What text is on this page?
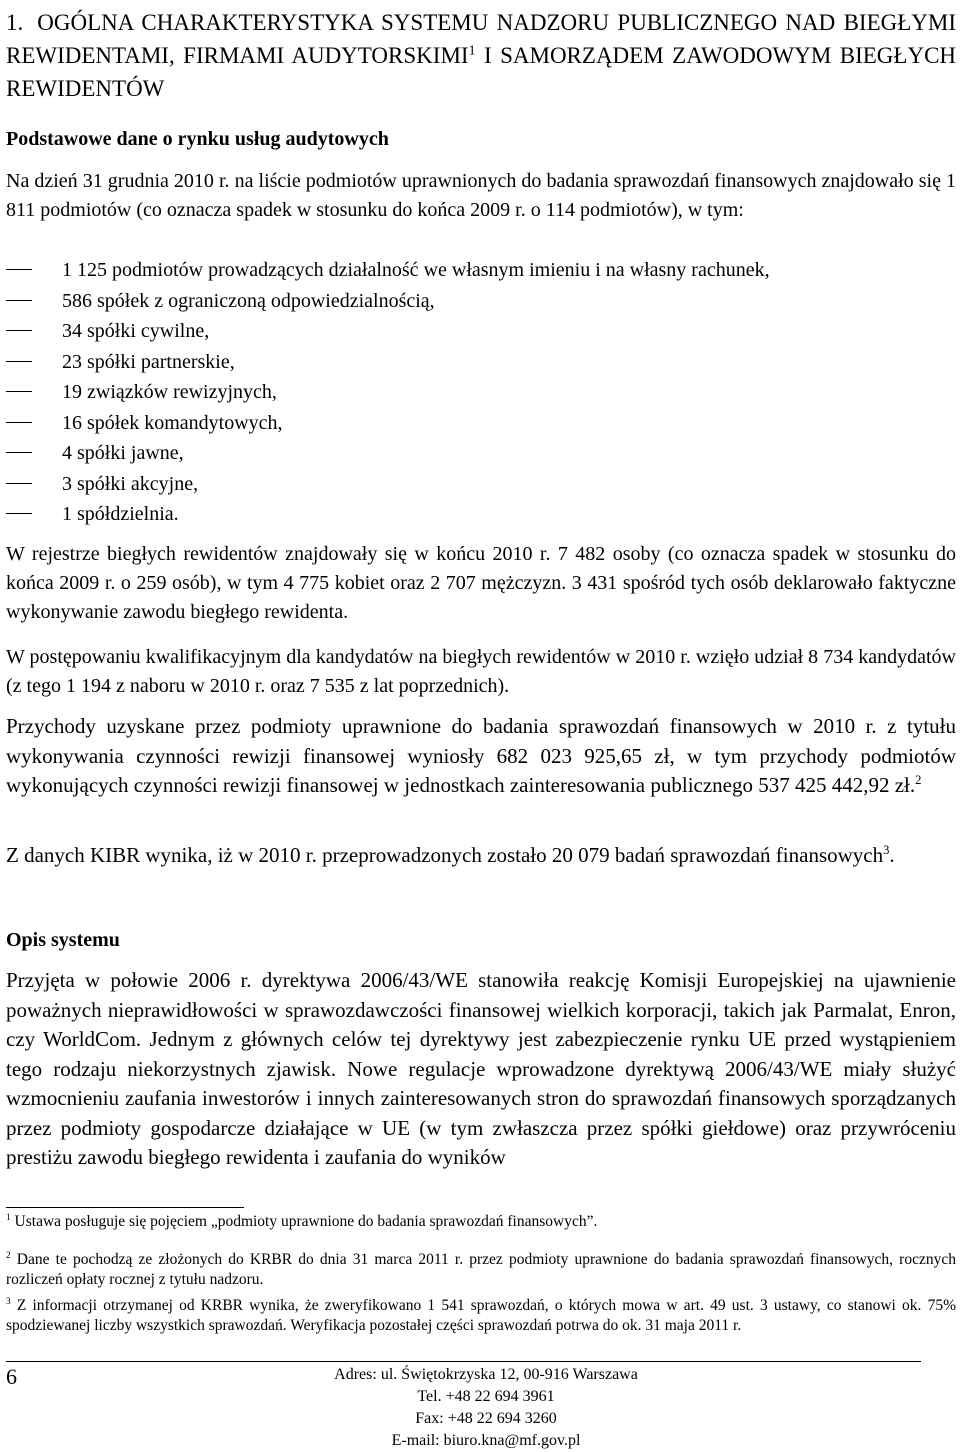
1. OGÓLNA CHARAKTERYSTYKA SYSTEMU NADZORU PUBLICZNEGO NAD BIEGŁYMI REWIDENTAMI, FIRMAMI AUDYTORSKIMI$^1$ I SAMORZĄDEM ZAWODOWYM BIEGŁYCH REWIDENTÓW

Podstawowe dane o rynku usług audytowych

Na dzień 31 grudnia 2010 r. na liście podmiotów uprawnionych do badania sprawozdań finansowych znajdowało się 1 811 podmiotów (co oznacza spadek w stosunku do końca 2009 r. o 114 podmiotów), w tym:

1 125 podmiotów prowadzących działalność we własnym imieniu i na własny rachunek,
586 spółek z ograniczoną odpowiedzialnością,
34 spółki cywilne,
23 spółki partnerskie,
19 związków rewizyjnych,
16 spółek komandytowych,
4 spółki jawne,
3 spółki akcyjne,
1 spółdzielnia.

W rejestrze biegłych rewidentów znajdowały się w końcu 2010 r. 7 482 osoby (co oznacza spadek w stosunku do końca 2009 r. o 259 osób), w tym 4 775 kobiet oraz 2 707 mężczyzn. 3 431 spośród tych osób deklarowało faktyczne wykonywanie zawodu biegłego rewidenta.

W postępowaniu kwalifikacyjnym dla kandydatów na biegłych rewidentów w 2010 r. wzięło udział 8 734 kandydatów (z tego 1 194 z naboru w 2010 r. oraz 7 535 z lat poprzednich).

Przychody uzyskane przez podmioty uprawnione do badania sprawozdań finansowych w 2010 r. z tytułu wykonywania czynności rewizji finansowej wyniosły 682 023 925,65 zł, w tym przychody podmiotów wykonujących czynności rewizji finansowej w jednostkach zainteresowania publicznego 537 425 442,92 zł.$^2$

Z danych KIBR wynika, iż w 2010 r. przeprowadzonych zostało 20 079 badań sprawozdań finansowych$^3$.

Opis systemu

Przyjęta w połowie 2006 r. dyrektywa 2006/43/WE stanowiła reakcję Komisji Europejskiej na ujawnienie poważnych nieprawidłowości w sprawozdawczości finansowej wielkich korporacji, takich jak Parmalat, Enron, czy WorldCom. Jednym z głównych celów tej dyrektywy jest zabezpieczenie rynku UE przed wystąpieniem tego rodzaju niekorzystnych zjawisk. Nowe regulacje wprowadzone dyrektywą 2006/43/WE miały służyć wzmocnieniu zaufania inwestorów i innych zainteresowanych stron do sprawozdań finansowych sporządzanych przez podmioty gospodarcze działające w UE (w tym zwłaszcza przez spółki giełdowe) oraz przywróceniu prestiżu zawodu biegłego rewidenta i zaufania do wyników

$^1$ Ustawa posługuje się pojęciem „podmioty uprawnione do badania sprawozdań finansowych”.

$^2$ Dane te pochodzą ze złożonych do KRBR do dnia 31 marca 2011 r. przez podmioty uprawnione do badania sprawozdań finansowych, rocznych rozliczeń opłaty rocznej z tytułu nadzoru.

$^3$ Z informacji otrzymanej od KRBR wynika, że zweryfikowano 1 541 sprawozdań, o których mowa w art. 49 ust. 3 ustawy, co stanowi ok. 75% spodziewanej liczby wszystkich sprawozdań. Weryfikacja pozostałej części sprawozdań potrwa do ok. 31 maja 2011 r.

6	Adres: ul. Świętokrzyska 12, 00-916 Warszawa
Tel. +48 22 694 3961
Fax: +48 22 694 3260
E-mail: biuro.kna@mf.gov.pl
